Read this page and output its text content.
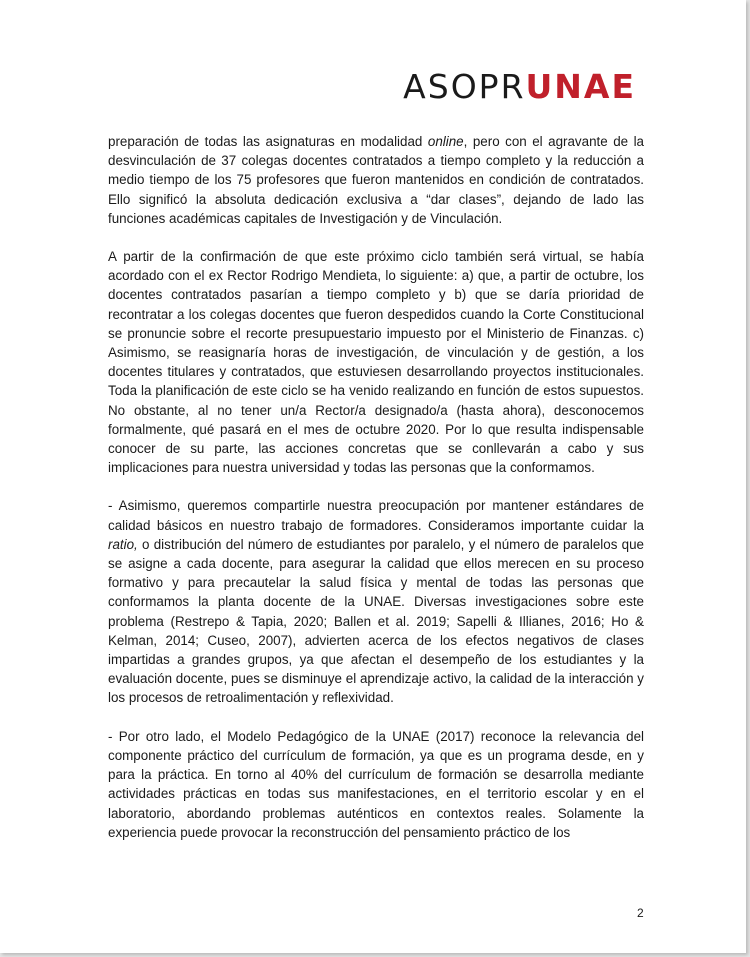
ASOPRUNAE

preparación de todas las asignaturas en modalidad online, pero con el agravante de la desvinculación de 37 colegas docentes contratados a tiempo completo y la reducción a medio tiempo de los 75 profesores que fueron mantenidos en condición de contratados. Ello significó la absoluta dedicación exclusiva a “dar clases”, dejando de lado las funciones académicas capitales de Investigación y de Vinculación.

A partir de la confirmación de que este próximo ciclo también será virtual, se había acordado con el ex Rector Rodrigo Mendieta, lo siguiente: a) que, a partir de octubre, los docentes contratados pasarían a tiempo completo y b) que se daría prioridad de recontratar a los colegas docentes que fueron despedidos cuando la Corte Constitucional se pronuncie sobre el recorte presupuestario impuesto por el Ministerio de Finanzas. c) Asimismo, se reasignaría horas de investigación, de vinculación y de gestión, a los docentes titulares y contratados, que estuviesen desarrollando proyectos institucionales. Toda la planificación de este ciclo se ha venido realizando en función de estos supuestos. No obstante, al no tener un/a Rector/a designado/a (hasta ahora), desconocemos formalmente, qué pasará en el mes de octubre 2020. Por lo que resulta indispensable conocer de su parte, las acciones concretas que se conllevarán a cabo y sus implicaciones para nuestra universidad y todas las personas que la conformamos.

- Asimismo, queremos compartirle nuestra preocupación por mantener estándares de calidad básicos en nuestro trabajo de formadores. Consideramos importante cuidar la ratio, o distribución del número de estudiantes por paralelo, y el número de paralelos que se asigne a cada docente, para asegurar la calidad que ellos merecen en su proceso formativo y para precautelar la salud física y mental de todas las personas que conformamos la planta docente de la UNAE. Diversas investigaciones sobre este problema (Restrepo & Tapia, 2020; Ballen et al. 2019; Sapelli & Illianes, 2016; Ho & Kelman, 2014; Cuseo, 2007), advierten acerca de los efectos negativos de clases impartidas a grandes grupos, ya que afectan el desempeño de los estudiantes y la evaluación docente, pues se disminuye el aprendizaje activo, la calidad de la interacción y los procesos de retroalimentación y reflexividad.

- Por otro lado, el Modelo Pedagógico de la UNAE (2017) reconoce la relevancia del componente práctico del currículum de formación, ya que es un programa desde, en y para la práctica. En torno al 40% del currículum de formación se desarrolla mediante actividades prácticas en todas sus manifestaciones, en el territorio escolar y en el laboratorio, abordando problemas auténticos en contextos reales. Solamente la experiencia puede provocar la reconstrucción del pensamiento práctico de los

2
